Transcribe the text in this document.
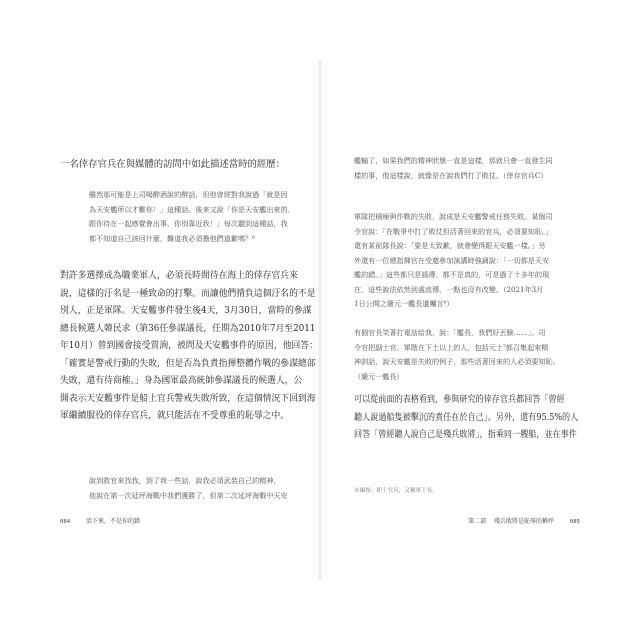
一名倖存官兵在與媒體的訪問中如此描述當時的經歷：
雖然那可能是上司喝醉酒說的醉話，但他曾經對我說過「就是因
為天安艦所以才難你！」這種話。後來又說「你是天安艦出來的，
跟你待在一起感覺會出事，你別靠近我！」每次聽到這種話，我
都不知道自己該回什麼，難道我必須擔他們道歉嗎？⁶
對許多選擇成為職業軍人，必須長時間待在海上的倖存官兵來
說，這樣的汙名是一種致命的打擊。而讓他們揹負這個汙名的不是
別人，正是軍隊。天安艦事件發生後4天，3月30日，當時的參謀
總長候選人韓民求（第36任參謀議長，任期為2010年7月至2011
年10月）曾到國會接受質詢，被問及天安艦事件的原因，他回答：
「確實是警戒行動的失敗，但是否為負責指揮整體作戰的參謀總部
失敗，還有待商榷。」身為國軍最高統帥參謀議長的候選人，公
開表示天安艦事件是船上官兵警戒失敗所致，在這個情況下回到海
軍繼續服役的倖存官兵，就只能活在不受尊重的恥辱之中。
說到救官來找我，到了我一些話，說我必須武裝自己的精神，
他說在第一次延坪海戰中我們獲勝了，但第二次延坪海戰中天安
084	活下來，不是你的錯
艦輸了，如果我們的精神狀態一直是這樣，那就只會一直發生同
樣的事，他這樣說，就像是在說我們打了敗仗。（倖存官兵C）
軍隊把積極與作戰的失敗，說成是天安艦警戒任務失敗。某個司
令官說：「在戰爭中打了敗仗但活著回來的官兵，必須要知恥。」
還有某前隊長說：「要是太致歉，就會變得跟天安艦一樣。」另
外還有一位總指揮官在受邀參加演講時強調說：「一切都是天安
艦的錯。」這些都只是謠傳，都不是真的，可是過了十多年的現
在，這些說法依然到處流傳，一點也沒有改變。（2021年3月
1日公開之嚴元一艦長遺囑言⁶）
有個官長笑著打電話給我，說：「艦長，我們好丟臉……」。司
令官把副士官、軍階在下士以上的人，包括元士⁷都召集起來精
神訓話，說天安艦是失敗的例子，那些活著回來的人必須要知恥。
（嚴元一艦長）
可以從前面的表格看到，參與研究的倖存官兵都回答「曾經
聽人說過船隻被擊沉的責任在於自己」。另外，還有95.5%的人
回答「曾經聽人說自己是殘兵敗將」，指乘同一艘船，並在事件
※編按：即士官長，又稱軍士長。
第二部 殘兵敗將是恥辱的稱呼	085
